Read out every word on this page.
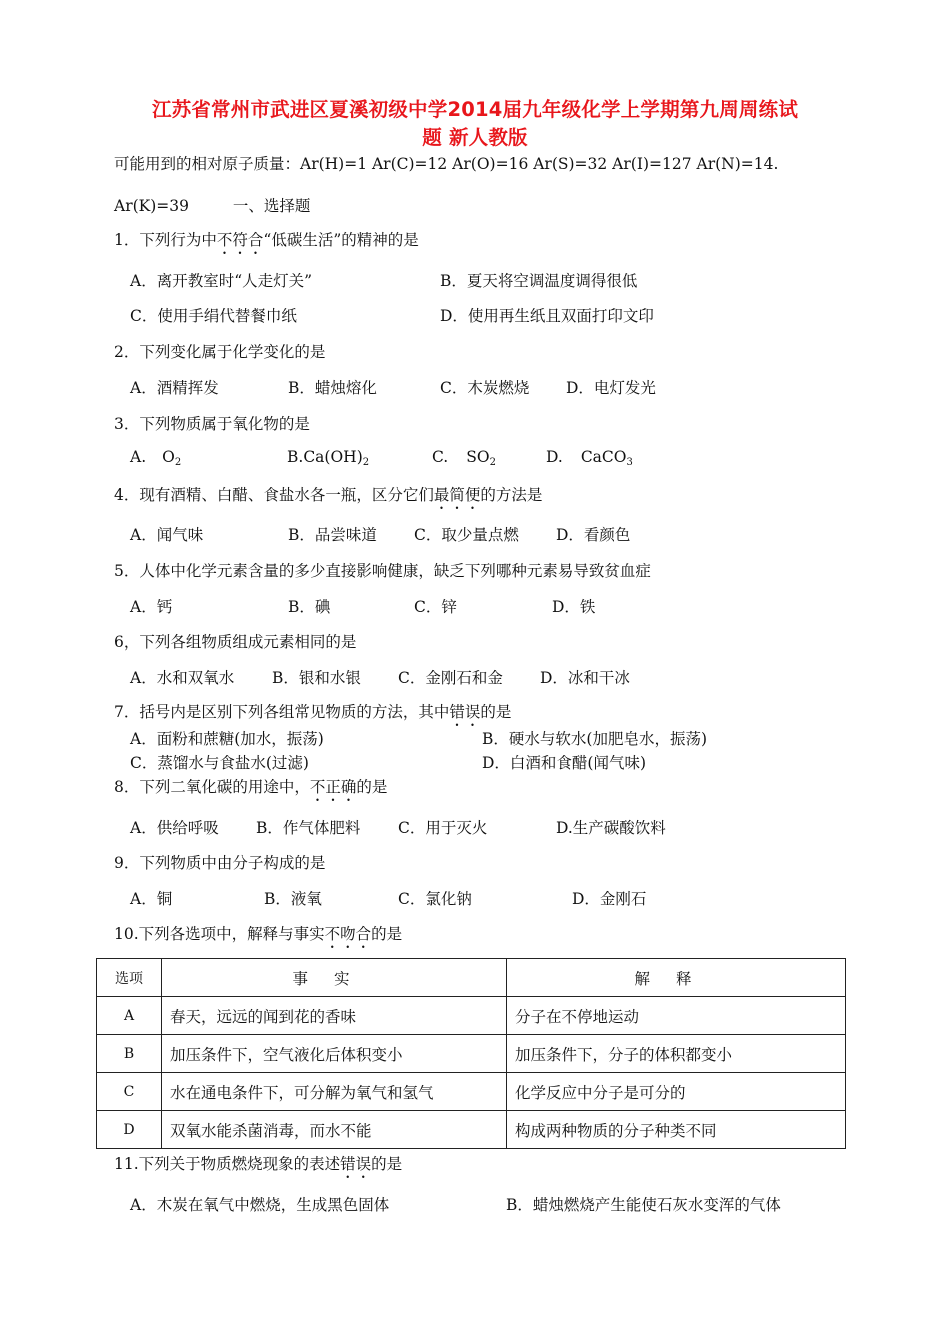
江苏省常州市武进区夏溪初级中学2014届九年级化学上学期第九周周练试
题 新人教版
可能用到的相对原子质量：Ar(H)=1 Ar(C)=12 Ar(O)=16 Ar(S)=32 Ar(I)=127 Ar(N)=14.
Ar(K)=39	一、选择题
1．下列行为中不符合“低碳生活”的精神的是
A．离开教室时“人走灯关”	B．夏天将空调温度调得很低
C．使用手绢代替餐巾纸	D．使用再生纸且双面打印文印
2．下列变化属于化学变化的是
A．酒精挥发	B．蜡烛熔化	C．木炭燃烧 D．电灯发光
3．下列物质属于氧化物的是
A. $O_2$	$B.Ca(OH)_2$	C. $SO_2$	D. CaCO$_3$
4．现有酒精、白醋、食盐水各一瓶，区分它们最简便的方法是
A．闻气味	B．品尝味道 C．取少量点燃 D．看颜色
5．人体中化学元素含量的多少直接影响健康，缺乏下列哪种元素易导致贫血症
A．钙	B．碘	C．锌	D．铁
6，下列各组物质组成元素相同的是
A．水和双氧水 B．银和水银 C．金刚石和金 D．冰和干冰
7．括号内是区别下列各组常见物质的方法，其中错误的是
A．面粉和蔗糖(加水，振荡)	B．硬水与软水(加肥皂水，振荡)
C．蒸馏水与食盐水(过滤)	D．白酒和食醋(闻气味)
8．下列二氧化碳的用途中，不正确的是
A．供给呼吸 B．作气体肥料 C．用于灭火	D.生产碳酸饮料
9．下列物质中由分子构成的是
A．铜	B．液氧	C．氯化钠	D．金刚石
10.下列各选项中，解释与事实不吻合的是
选项	事实	解释
A	春天，远远的闻到花的香味	分子在不停地运动
B	加压条件下，空气液化后体积变小	加压条件下，分子的体积都变小
C	水在通电条件下，可分解为氧气和氢气	化学反应中分子是可分的
D	双氧水能杀菌消毒，而水不能	构成两种物质的分子种类不同
11.下列关于物质燃烧现象的表述错误的是
A．木炭在氧气中燃烧，生成黑色固体	B．蜡烛燃烧产生能使石灰水变浑的气体
